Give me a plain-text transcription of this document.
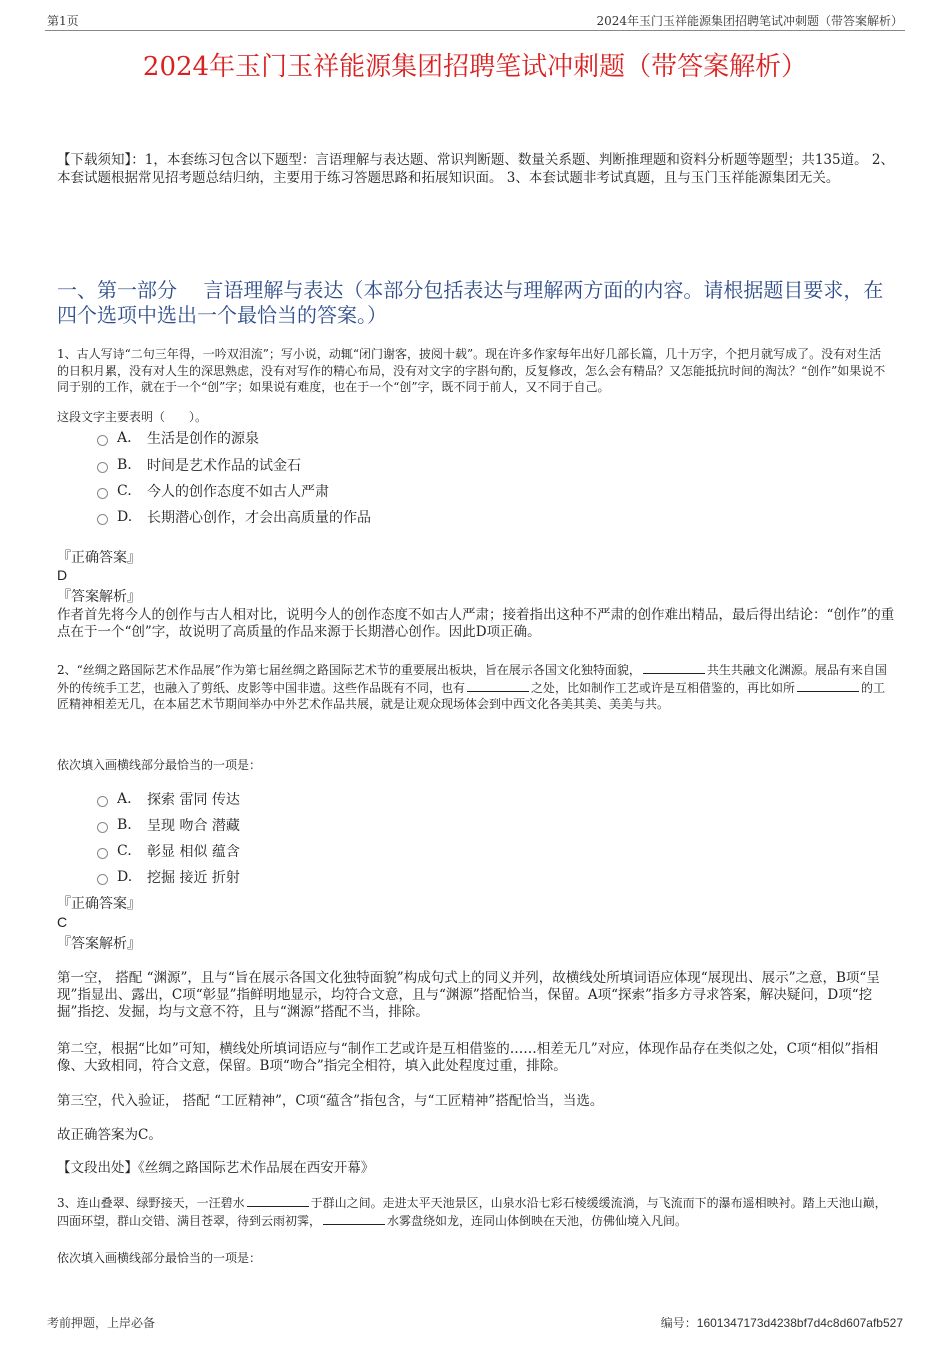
第1页	2024年玉门玉祥能源集团招聘笔试冲刺题（带答案解析）
2024年玉门玉祥能源集团招聘笔试冲刺题（带答案解析）
【下载须知】：1，本套练习包含以下题型：言语理解与表达题、常识判断题、数量关系题、判断推理题和资料分析题等题型；共135道。 2、本套试题根据常见招考题总结归纳，主要用于练习答题思路和拓展知识面。 3、本套试题非考试真题，且与玉门玉祥能源集团无关。
一、第一部分 　言语理解与表达（本部分包括表达与理解两方面的内容。请根据题目要求，在四个选项中选出一个最恰当的答案。）
1、古人写诗“二句三年得，一吟双泪流”；写小说，动辄“闭门谢客，披阅十载”。现在许多作家每年出好几部长篇，几十万字，个把月就写成了。没有对生活的日积月累，没有对人生的深思熟虑，没有对写作的精心布局，没有对文字的字斟句酌，反复修改，怎么会有精品？又怎能抵抗时间的淘汰？“创作”如果说不同于别的工作，就在于一个“创”字；如果说有难度，也在于一个“创”字，既不同于前人，又不同于自己。
这段文字主要表明（　　）。
A.	生活是创作的源泉
B.	时间是艺术作品的试金石
C.	今人的创作态度不如古人严肃
D.	长期潜心创作，才会出高质量的作品
『正确答案』
D
『答案解析』
作者首先将今人的创作与古人相对比，说明今人的创作态度不如古人严肃；接着指出这种不严肃的创作难出精品，最后得出结论：“创作”的重点在于一个“创”字，故说明了高质量的作品来源于长期潜心创作。因此D项正确。
2、“丝绸之路国际艺术作品展”作为第七届丝绸之路国际艺术节的重要展出板块，旨在展示各国文化独特面貌，	共生共融文化渊源。展品有来自国外的传统手工艺，也融入了剪纸、皮影等中国非遗。这些作品既有不同，也有	之处，比如制作工艺或许是互相借鉴的，再比如所	的工匠精神相差无几，在本届艺术节期间举办中外艺术作品共展，就是让观众现场体会到中西文化各美其美、美美与共。
依次填入画横线部分最恰当的一项是：
A.	探索 雷同 传达
B.	呈现 吻合 潜藏
C.	彰显 相似 蕴含
D.	挖掘 接近 折射
『正确答案』
C
『答案解析』
第一空， 搭配 “渊源”，且与“旨在展示各国文化独特面貌”构成句式上的同义并列，故横线处所填词语应体现“展现出、展示”之意，B项“呈现”指显出、露出，C项“彰显”指鲜明地显示，均符合文意，且与“渊源”搭配恰当，保留。A项“探索”指多方寻求答案，解决疑问，D项“挖掘”指挖、发掘，均与文意不符，且与“渊源”搭配不当，排除。
第二空，根据“比如”可知，横线处所填词语应与“制作工艺或许是互相借鉴的……相差无几”对应，体现作品存在类似之处，C项“相似”指相像、大致相同，符合文意，保留。B项“吻合”指完全相符，填入此处程度过重，排除。
第三空，代入验证， 搭配 “工匠精神”，C项“蕴含”指包含，与“工匠精神”搭配恰当，当选。
故正确答案为C。
【文段出处】《丝绸之路国际艺术作品展在西安开幕》
3、连山叠翠、绿野接天，一汪碧水	于群山之间。走进太平天池景区，山泉水沿七彩石棱缓缓流淌，与飞流而下的瀑布遥相映衬。踏上天池山巅，四面环望，群山交错、满目苍翠，待到云雨初霁，	水雾盘绕如龙，连同山体倒映在天池，仿佛仙境入凡间。
依次填入画横线部分最恰当的一项是：
考前押题，上岸必备	编号：1601347173d4238bf7d4c8d607afb527
